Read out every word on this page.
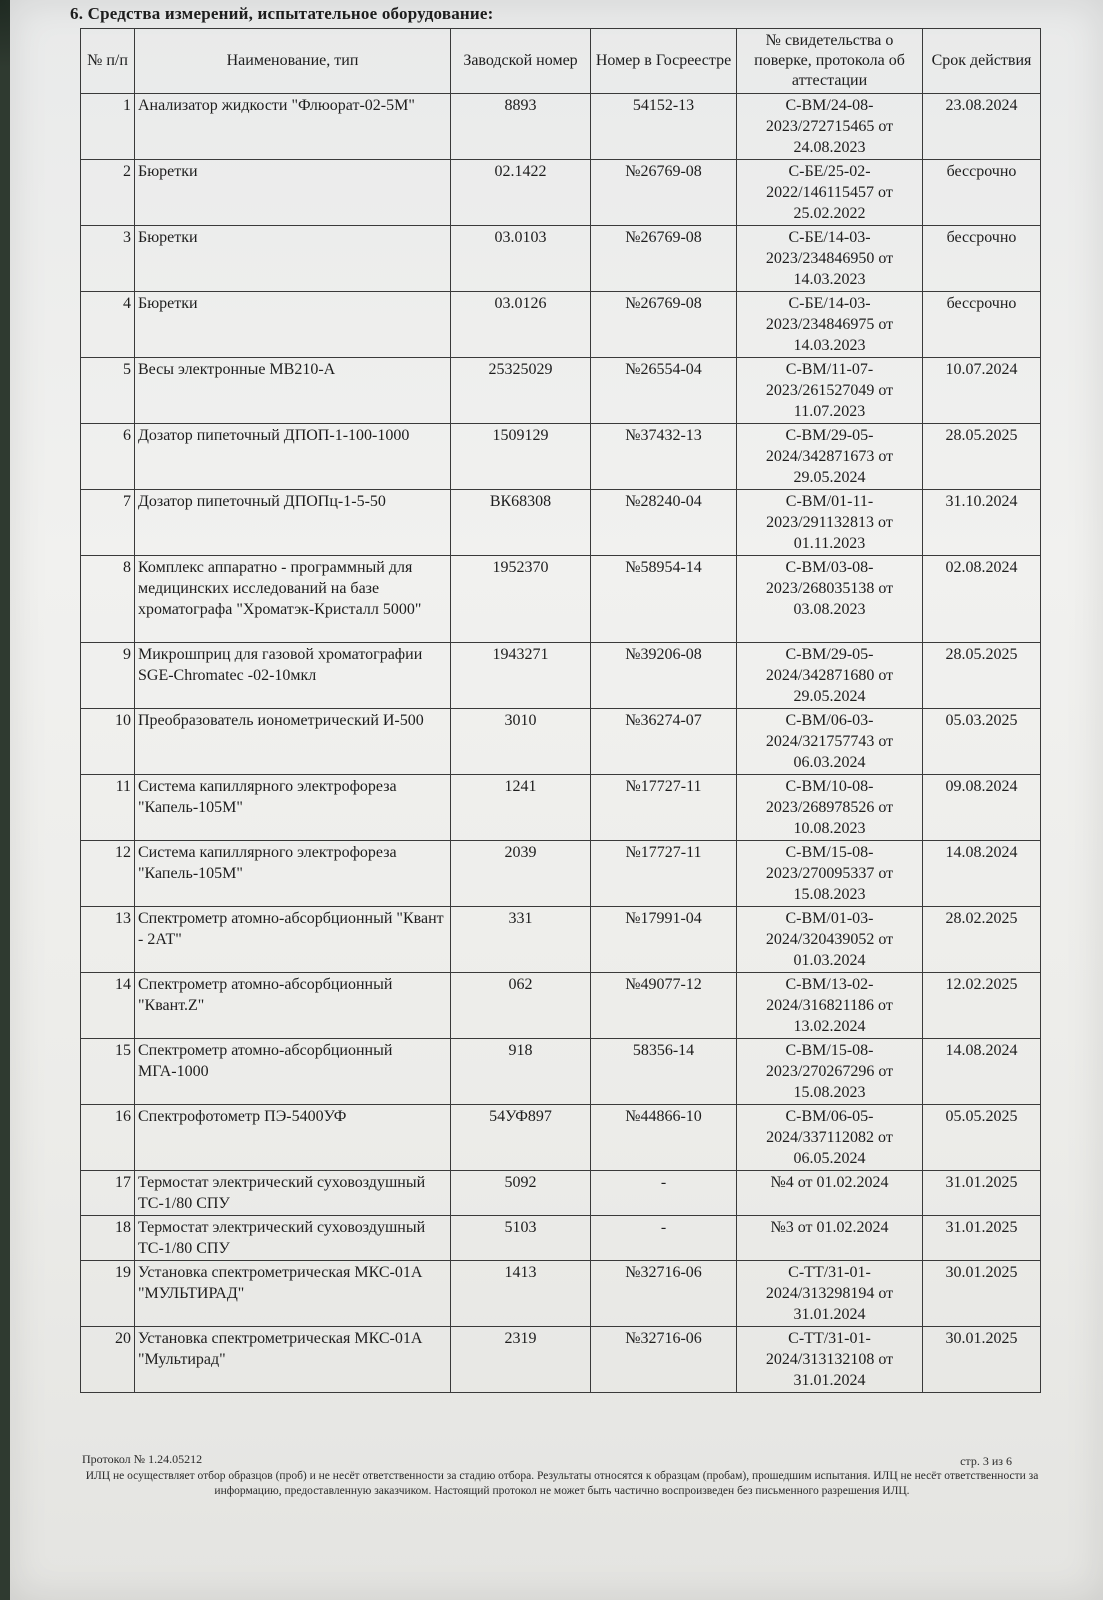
6. Средства измерений, испытательное оборудование:
№ п/п	Наименование, тип	Заводской номер	Номер в Госреестре	№ свидетельства о поверке, протокола об аттестации	Срок действия
1	Анализатор жидкости "Флюорат-02-5М"	8893	54152-13	С-ВМ/24-08-2023/272715465 от 24.08.2023	23.08.2024
2	Бюретки	02.1422	№26769-08	С-БЕ/25-02-2022/146115457 от 25.02.2022	бессрочно
3	Бюретки	03.0103	№26769-08	С-БЕ/14-03-2023/234846950 от 14.03.2023	бессрочно
4	Бюретки	03.0126	№26769-08	С-БЕ/14-03-2023/234846975 от 14.03.2023	бессрочно
5	Весы электронные МВ210-А	25325029	№26554-04	С-ВМ/11-07-2023/261527049 от 11.07.2023	10.07.2024
6	Дозатор пипеточный ДПОП-1-100-1000	1509129	№37432-13	С-ВМ/29-05-2024/342871673 от 29.05.2024	28.05.2025
7	Дозатор пипеточный ДПОПц-1-5-50	ВК68308	№28240-04	С-ВМ/01-11-2023/291132813 от 01.11.2023	31.10.2024
8	Комплекс аппаратно - программный для медицинских исследований на базе хроматографа "Хроматэк-Кристалл 5000"	1952370	№58954-14	С-ВМ/03-08-2023/268035138 от 03.08.2023	02.08.2024
9	Микрошприц для газовой хроматографии SGE-Chromatec -02-10мкл	1943271	№39206-08	С-ВМ/29-05-2024/342871680 от 29.05.2024	28.05.2025
10	Преобразователь ионометрический И-500	3010	№36274-07	С-ВМ/06-03-2024/321757743 от 06.03.2024	05.03.2025
11	Система капиллярного электрофореза "Капель-105М"	1241	№17727-11	С-ВМ/10-08-2023/268978526 от 10.08.2023	09.08.2024
12	Система капиллярного электрофореза "Капель-105М"	2039	№17727-11	С-ВМ/15-08-2023/270095337 от 15.08.2023	14.08.2024
13	Спектрометр атомно-абсорбционный "Квант - 2АТ"	331	№17991-04	С-ВМ/01-03-2024/320439052 от 01.03.2024	28.02.2025
14	Спектрометр атомно-абсорбционный "Квант.Z"	062	№49077-12	С-ВМ/13-02-2024/316821186 от 13.02.2024	12.02.2025
15	Спектрометр атомно-абсорбционный МГА-1000	918	58356-14	С-ВМ/15-08-2023/270267296 от 15.08.2023	14.08.2024
16	Спектрофотометр ПЭ-5400УФ	54УФ897	№44866-10	С-ВМ/06-05-2024/337112082 от 06.05.2024	05.05.2025
17	Термостат электрический суховоздушный ТС-1/80 СПУ	5092	-	№4 от 01.02.2024	31.01.2025
18	Термостат электрический суховоздушный ТС-1/80 СПУ	5103	-	№3 от 01.02.2024	31.01.2025
19	Установка спектрометрическая МКС-01А "МУЛЬТИРАД"	1413	№32716-06	С-ТТ/31-01-2024/313298194 от 31.01.2024	30.01.2025
20	Установка спектрометрическая МКС-01А "Мультирад"	2319	№32716-06	С-ТТ/31-01-2024/313132108 от 31.01.2024	30.01.2025
Протокол № 1.24.05212	стр. 3 из 6
ИЛЦ не осуществляет отбор образцов (проб) и не несёт ответственности за стадию отбора. Результаты относятся к образцам (пробам), прошедшим испытания. ИЛЦ не несёт ответственности за информацию, предоставленную заказчиком. Настоящий протокол не может быть частично воспроизведен без письменного разрешения ИЛЦ.
